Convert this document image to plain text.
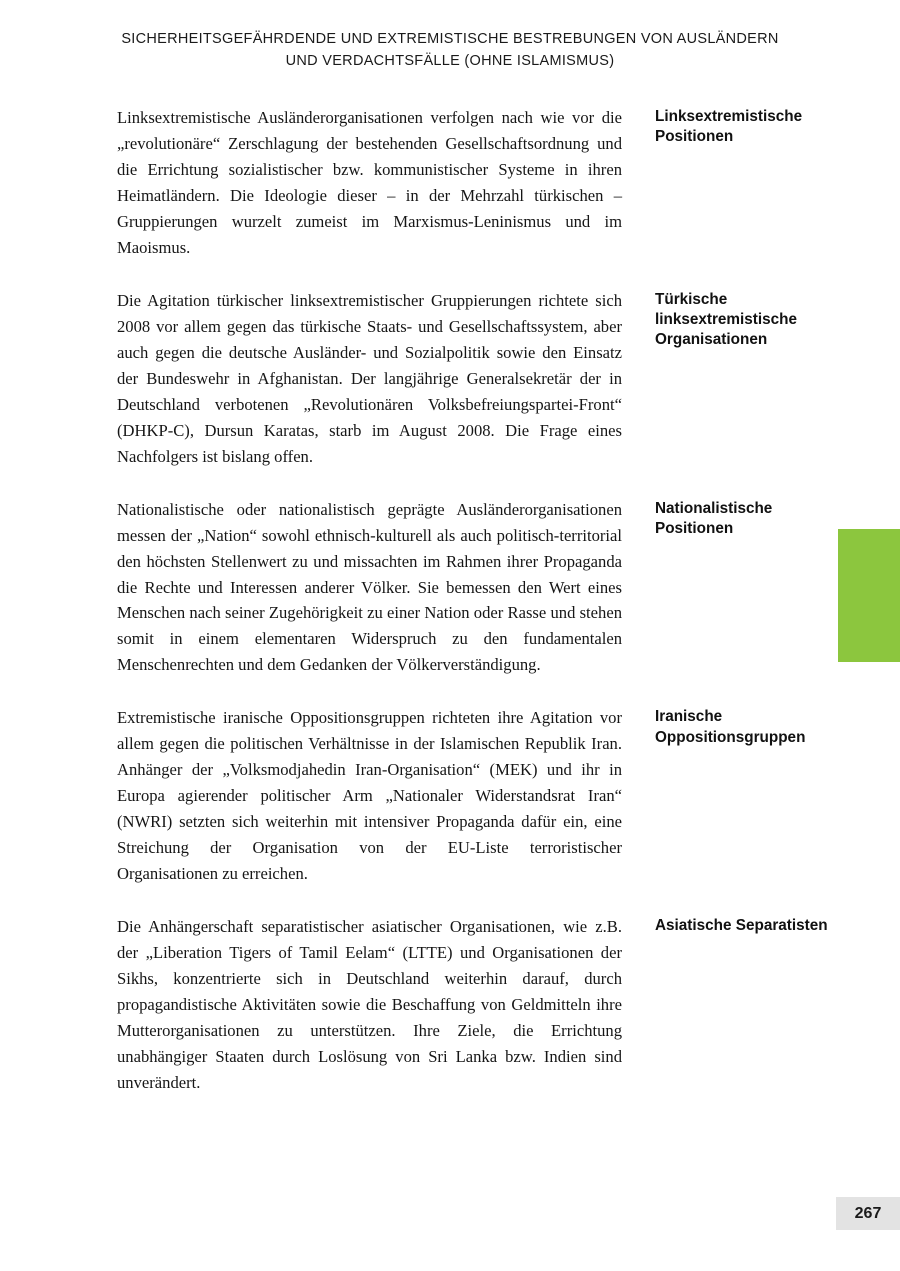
SICHERHEITSGEFÄHRDENDE UND EXTREMISTISCHE BESTREBUNGEN VON AUSLÄNDERN
UND VERDACHTSFÄLLE (OHNE ISLAMISMUS)
Linksextremistische Ausländerorganisationen verfolgen nach wie vor die „revolutionäre“ Zerschlagung der bestehenden Gesellschaftsordnung und die Errichtung sozialistischer bzw. kommunistischer Systeme in ihren Heimatländern. Die Ideologie dieser – in der Mehrzahl türkischen – Gruppierungen wurzelt zumeist im Marxismus-Leninismus und im Maoismus.
Linksextremistische Positionen
Die Agitation türkischer linksextremistischer Gruppierungen richtete sich 2008 vor allem gegen das türkische Staats- und Gesellschaftssystem, aber auch gegen die deutsche Ausländer- und Sozialpolitik sowie den Einsatz der Bundeswehr in Afghanistan. Der langjährige Generalsekretär der in Deutschland verbotenen „Revolutionären Volksbefreiungspartei-Front“ (DHKP-C), Dursun Karatas, starb im August 2008. Die Frage eines Nachfolgers ist bislang offen.
Türkische linksextremistische Organisationen
Nationalistische oder nationalistisch geprägte Ausländerorganisationen messen der „Nation“ sowohl ethnisch-kulturell als auch politisch-territorial den höchsten Stellenwert zu und missachten im Rahmen ihrer Propaganda die Rechte und Interessen anderer Völker. Sie bemessen den Wert eines Menschen nach seiner Zugehörigkeit zu einer Nation oder Rasse und stehen somit in einem elementaren Widerspruch zu den fundamentalen Menschenrechten und dem Gedanken der Völkerverständigung.
Nationalistische Positionen
Extremistische iranische Oppositionsgruppen richteten ihre Agitation vor allem gegen die politischen Verhältnisse in der Islamischen Republik Iran. Anhänger der „Volksmodjahedin Iran-Organisation“ (MEK) und ihr in Europa agierender politischer Arm „Nationaler Widerstandsrat Iran“ (NWRI) setzten sich weiterhin mit intensiver Propaganda dafür ein, eine Streichung der Organisation von der EU-Liste terroristischer Organisationen zu erreichen.
Iranische Oppositionsgruppen
Die Anhängerschaft separatistischer asiatischer Organisationen, wie z.B. der „Liberation Tigers of Tamil Eelam“ (LTTE) und Organisationen der Sikhs, konzentrierte sich in Deutschland weiterhin darauf, durch propagandistische Aktivitäten sowie die Beschaffung von Geldmitteln ihre Mutterorganisationen zu unterstützen. Ihre Ziele, die Errichtung unabhängiger Staaten durch Loslösung von Sri Lanka bzw. Indien sind unverändert.
Asiatische Separatisten
267
